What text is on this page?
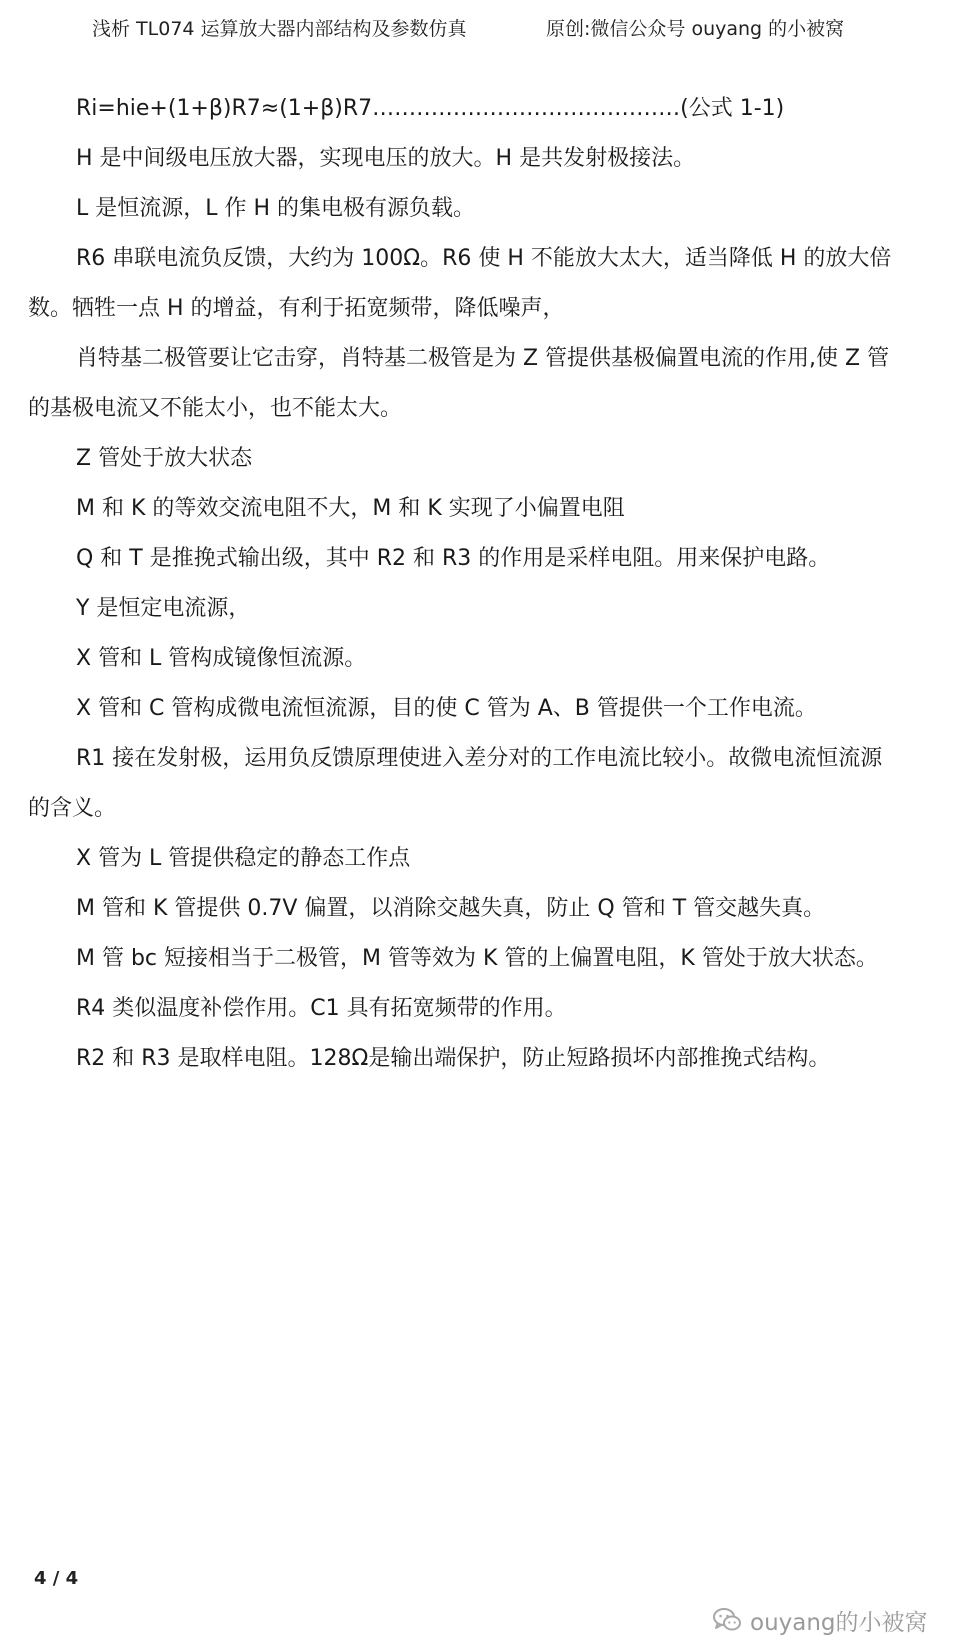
浅析 TL074 运算放大器内部结构及参数仿真	原创:微信公众号 ouyang 的小被窝

Ri=hie+(1+β)R7≈(1+β)R7……………………………………(公式 1-1)

H 是中间级电压放大器，实现电压的放大。H 是共发射极接法。

L 是恒流源，L 作 H 的集电极有源负载。

R6 串联电流负反馈，大约为 100Ω。R6 使 H 不能放大太大，适当降低 H 的放大倍数。牺牲一点 H 的增益，有利于拓宽频带，降低噪声，

肖特基二极管要让它击穿，肖特基二极管是为 Z 管提供基极偏置电流的作用,使 Z 管的基极电流又不能太小，也不能太大。

Z 管处于放大状态

M 和 K 的等效交流电阻不大，M 和 K 实现了小偏置电阻

Q 和 T 是推挽式输出级，其中 R2 和 R3 的作用是采样电阻。用来保护电路。

Y 是恒定电流源，

X 管和 L 管构成镜像恒流源。

X 管和 C 管构成微电流恒流源，目的使 C 管为 A、B 管提供一个工作电流。

R1 接在发射极，运用负反馈原理使进入差分对的工作电流比较小。故微电流恒流源的含义。

X 管为 L 管提供稳定的静态工作点

M 管和 K 管提供 0.7V 偏置，以消除交越失真，防止 Q 管和 T 管交越失真。

M 管 bc 短接相当于二极管，M 管等效为 K 管的上偏置电阻，K 管处于放大状态。

R4 类似温度补偿作用。C1 具有拓宽频带的作用。

R2 和 R3 是取样电阻。128Ω是输出端保护，防止短路损坏内部推挽式结构。

4 / 4
ouyang的小被窝
